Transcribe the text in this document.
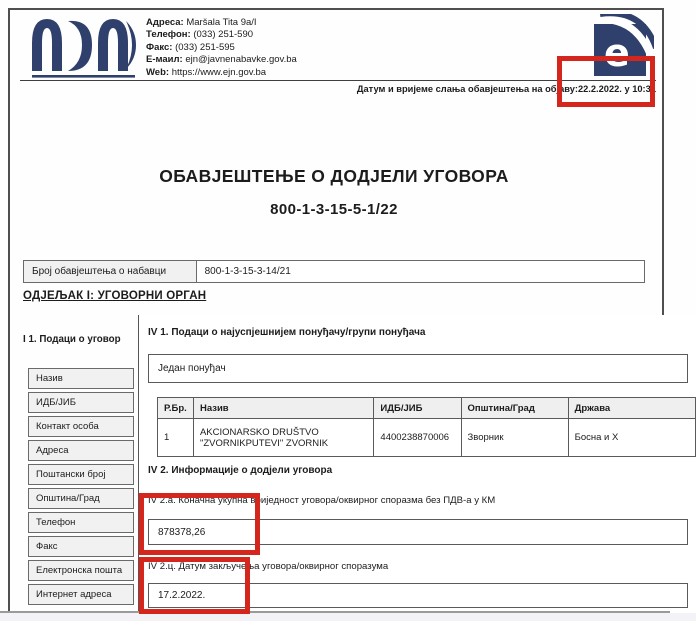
Адреса: Maršala Tita 9a/I
Телефон: (033) 251-590
Факс: (033) 251-595
Е-маил: ejn@javnenabavke.gov.ba
Web: https://www.ejn.gov.ba	e
Датум и вријеме слања обавјештења на објаву:22.2.2022. у 10:31
ОБАВЈЕШТЕЊЕ О ДОДЈЕЛИ УГОВОРА
800-1-3-15-5-1/22
Број обавјештења о набавци	800-1-3-15-3-14/21
ОДЈЕЉАК I: УГОВОРНИ ОРГАН
I 1. Подаци о уговор
Назив
ИДБ/ЈИБ
Контакт особа
Адреса
Поштански број
Општина/Град
Телефон
Факс
Електронска пошта
Интернет адреса
IV 1. Подаци о најуспјешнијем понуђачу/групи понуђача
Један понуђач
Р.Бр.	Назив	ИДБ/ЈИБ	Општина/Град	Држава
1	AKCIONARSKO DRUŠTVO "ZVORNIKPUTEVI" ZVORNIK	4400238870006	Зворник	Босна и Х
IV 2. Информације о додјели уговора
IV 2.а. Коначна укупна вриједност уговора/оквирног споразма без ПДВ-а у КМ
878378,26
IV 2.ц. Датум закључења уговора/оквирног споразума
17.2.2022.
